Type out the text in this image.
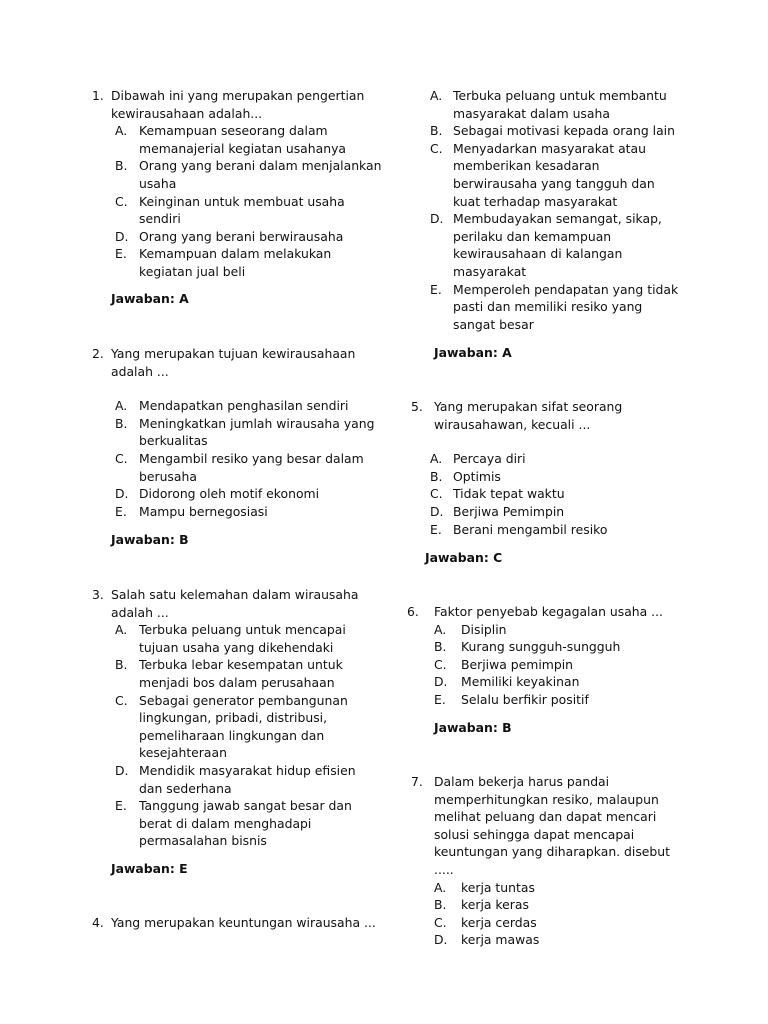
1. Dibawah ini yang merupakan pengertian kewirausahaan adalah...
A. Kemampuan seseorang dalam memanajerial kegiatan usahanya
B. Orang yang berani dalam menjalankan usaha
C. Keinginan untuk membuat usaha sendiri
D. Orang yang berani berwirausaha
E. Kemampuan dalam melakukan kegiatan jual beli
Jawaban: A
2. Yang merupakan tujuan kewirausahaan adalah ...
A. Mendapatkan penghasilan sendiri
B. Meningkatkan jumlah wirausaha yang berkualitas
C. Mengambil resiko yang besar dalam berusaha
D. Didorong oleh motif ekonomi
E. Mampu bernegosiasi
Jawaban: B
3. Salah satu kelemahan dalam wirausaha adalah ...
A. Terbuka peluang untuk mencapai tujuan usaha yang dikehendaki
B. Terbuka lebar kesempatan untuk menjadi bos dalam perusahaan
C. Sebagai generator pembangunan lingkungan, pribadi, distribusi, pemeliharaan lingkungan dan kesejahteraan
D. Mendidik masyarakat hidup efisien dan sederhana
E. Tanggung jawab sangat besar dan berat di dalam menghadapi permasalahan bisnis
Jawaban: E
4. Yang merupakan keuntungan wirausaha ...
A. Terbuka peluang untuk membantu masyarakat dalam usaha
B. Sebagai motivasi kepada orang lain
C. Menyadarkan masyarakat atau memberikan kesadaran berwirausaha yang tangguh dan kuat terhadap masyarakat
D. Membudayakan semangat, sikap, perilaku dan kemampuan kewirausahaan di kalangan masyarakat
E. Memperoleh pendapatan yang tidak pasti dan memiliki resiko yang sangat besar
Jawaban: A
5. Yang merupakan sifat seorang wirausahawan, kecuali ...
A. Percaya diri
B. Optimis
C. Tidak tepat waktu
D. Berjiwa Pemimpin
E. Berani mengambil resiko
Jawaban: C
6. Faktor penyebab kegagalan usaha ...
A. Disiplin
B. Kurang sungguh-sungguh
C. Berjiwa pemimpin
D. Memiliki keyakinan
E. Selalu berfikir positif
Jawaban: B
7. Dalam bekerja harus pandai memperhitungkan resiko, malaupun melihat peluang dan dapat mencari solusi sehingga dapat mencapai keuntungan yang diharapkan. disebut .....
A. kerja tuntas
B. kerja keras
C. kerja cerdas
D. kerja mawas
